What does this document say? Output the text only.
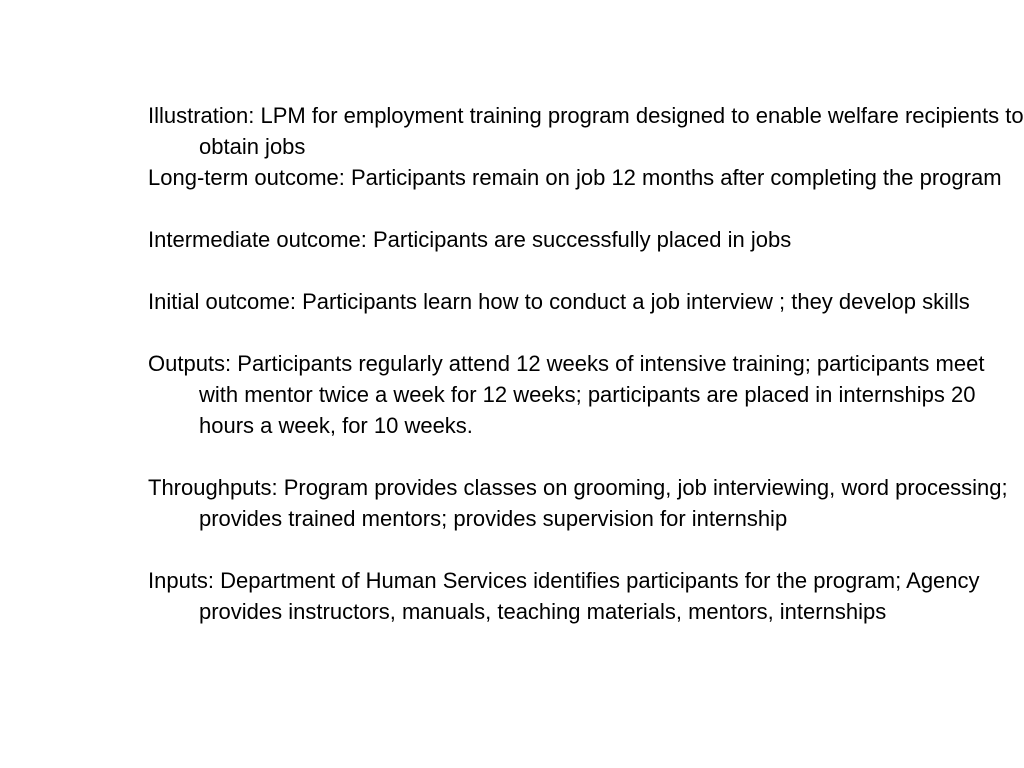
Illustration: LPM for employment training program designed to enable welfare recipients to obtain jobs

Long-term outcome: Participants remain on job 12 months after completing the program

Intermediate outcome: Participants are successfully placed in jobs

Initial outcome: Participants learn how to conduct a job interview ; they develop skills

Outputs: Participants regularly attend 12 weeks of intensive training; participants meet with mentor twice a week for 12 weeks; participants are placed in internships 20 hours a week, for 10 weeks.

Throughputs: Program provides classes on grooming, job interviewing, word processing; provides trained mentors; provides supervision for internship

Inputs: Department of Human Services identifies participants for the program; Agency provides instructors, manuals, teaching materials, mentors, internships
